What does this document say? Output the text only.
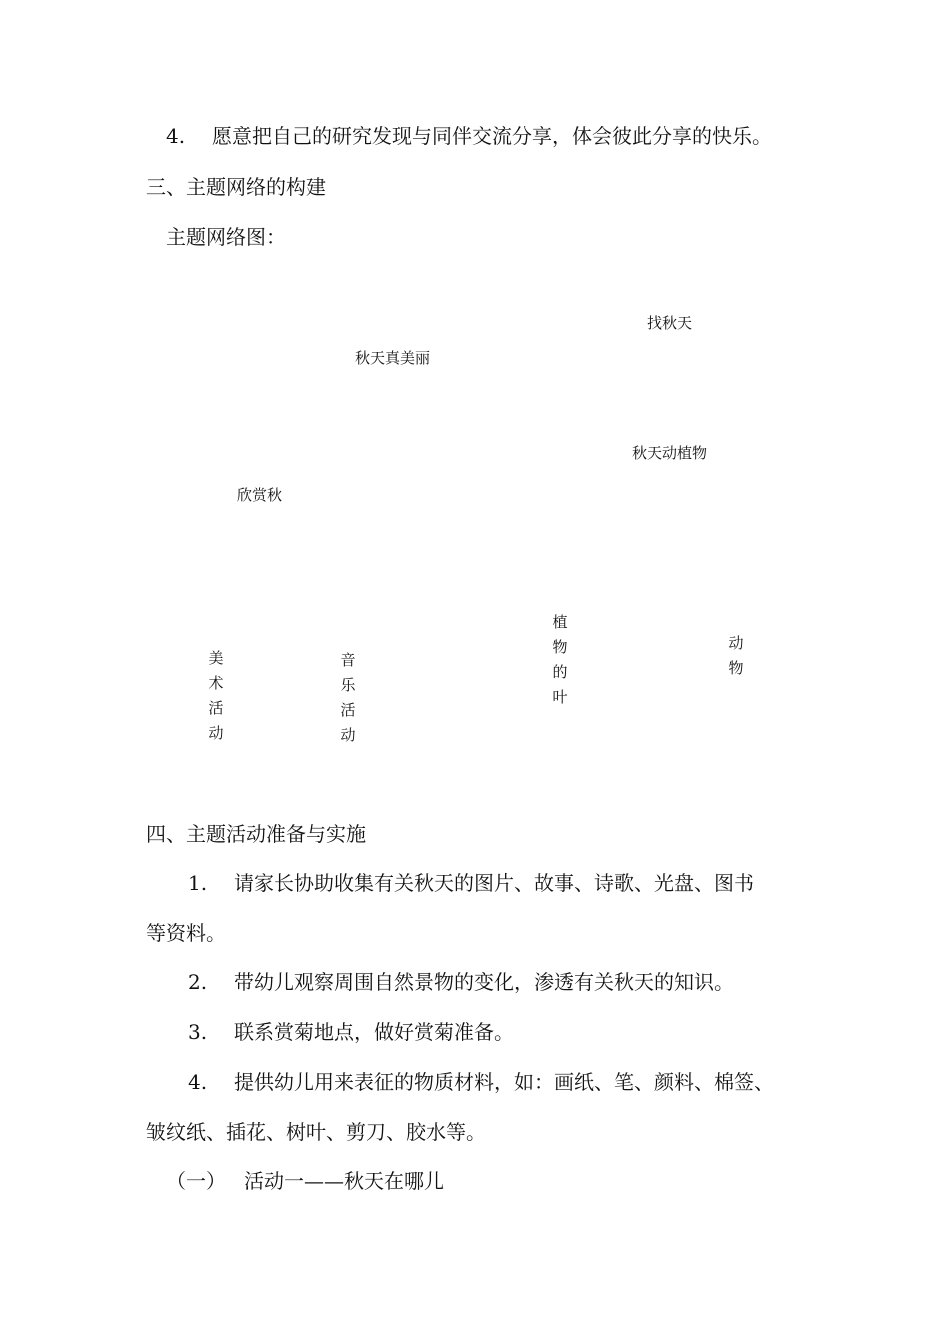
4. 愿意把自己的研究发现与同伴交流分享，体会彼此分享的快乐。
三、主题网络的构建
主题网络图：
找秋天
秋天真美丽
秋天动植物
欣赏秋
美
术
活
动
音
乐
活
动
植
物
的
叶
动
物
四、主题活动准备与实施
1. 请家长协助收集有关秋天的图片、故事、诗歌、光盘、图书
等资料。
2. 带幼儿观察周围自然景物的变化，渗透有关秋天的知识。
3. 联系赏菊地点，做好赏菊准备。
4. 提供幼儿用来表征的物质材料，如：画纸、笔、颜料、棉签、
皱纹纸、插花、树叶、剪刀、胶水等。
（一） 活动一——秋天在哪儿
